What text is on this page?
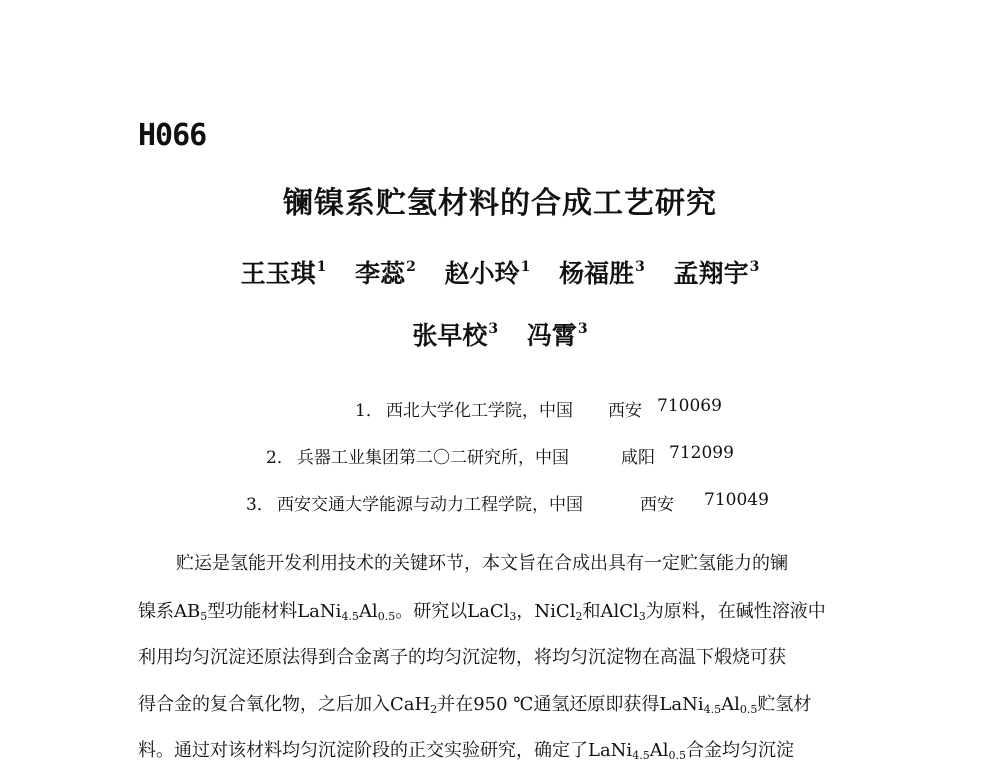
H066
镧镍系贮氢材料的合成工艺研究
王玉琪$^1$ 李蕊$^2$ 赵小玲$^1$ 杨福胜$^3$ 孟翔宇$^3$
张早校$^3$ 冯霄$^3$
1． 西北大学化工学院，中国 西安 710069
2． 兵器工业集团第二〇二研究所，中国	咸阳 712099
3． 西安交通大学能源与动力工程学院，中国	西安 710049
贮运是氢能开发利用技术的关键环节，本文旨在合成出具有一定贮氢能力的镧
镍系$AB_5$型功能材料$LaNi_{4.5}Al_{0.5}$。研究以LaCl$_3$，NiCl$_2$和AlCl$_3$为原料，在碱性溶液中
利用均匀沉淀还原法得到合金离子的均匀沉淀物，将均匀沉淀物在高温下煅烧可获
得合金的复合氧化物，之后加入CaH$_2$并在950 ℃通氢还原即获得$LaNi_{4.5}Al_{0.5}$贮氢材
料。通过对该材料均匀沉淀阶段的正交实验研究，确定了$LaNi_{4.5}Al_{0.5}$合金均匀沉淀
